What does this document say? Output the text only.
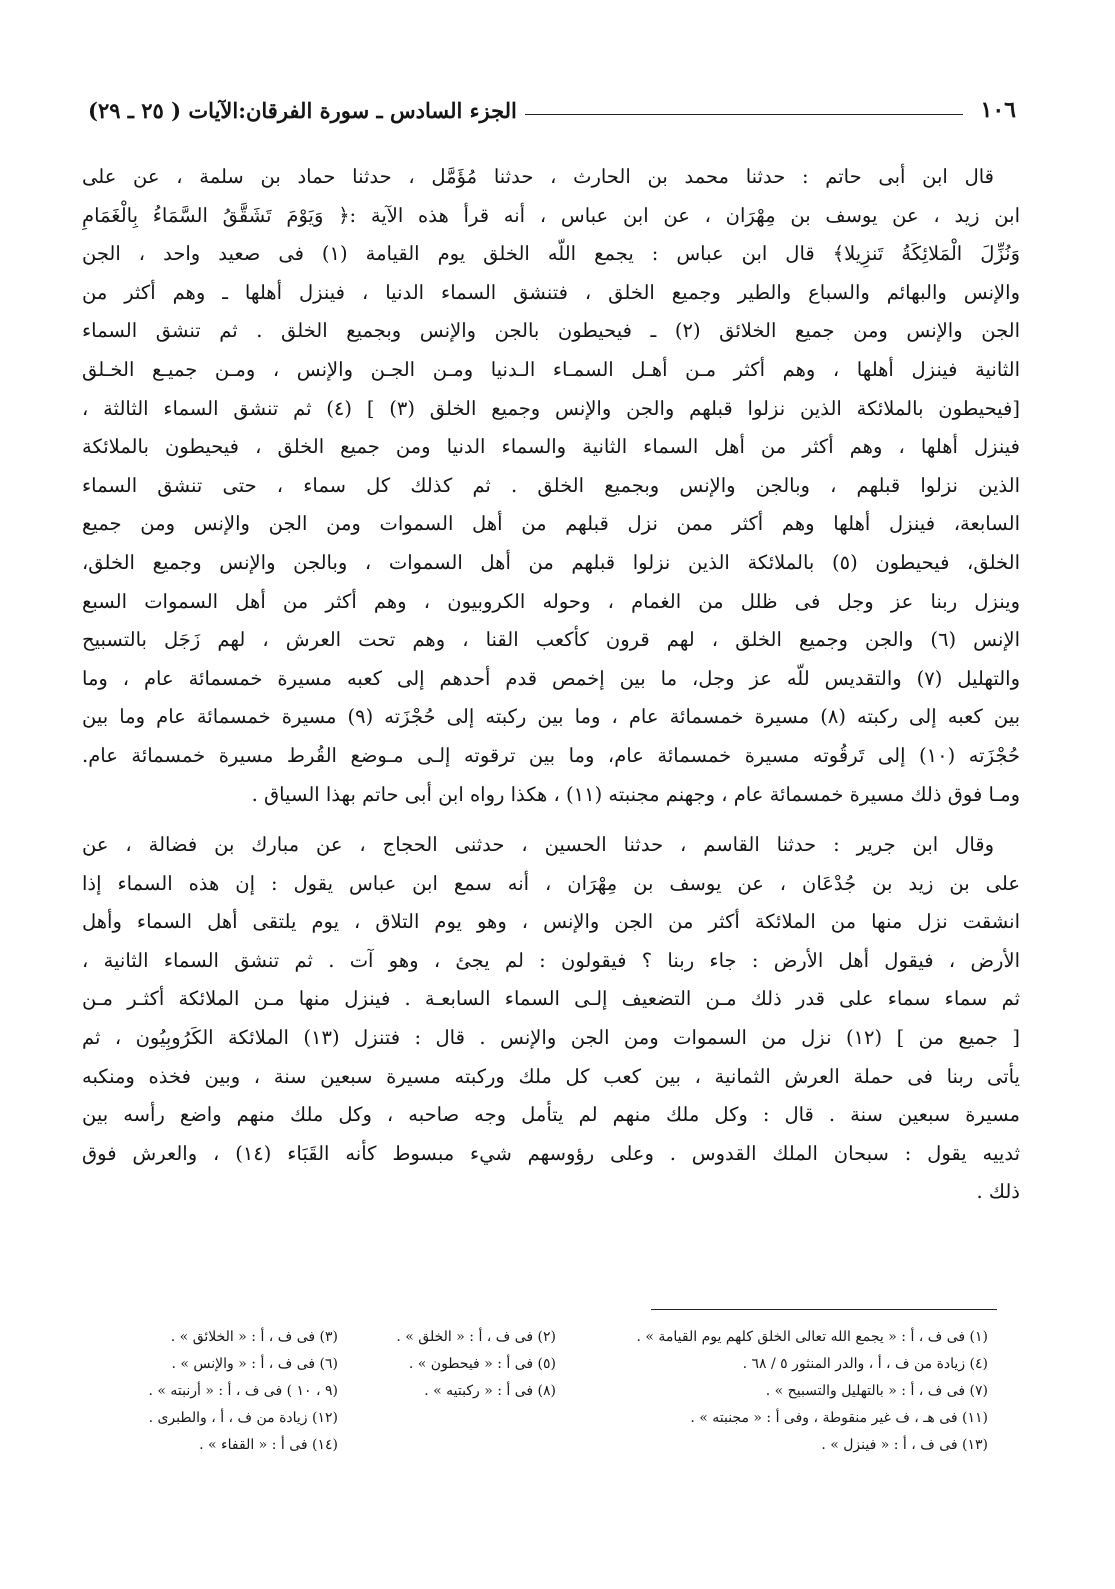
١٠٦
الجزء السادس ـ سورة الفرقان:الآيات ( ٢٥ ـ ٢٩)
قال ابن أبى حاتم : حدثنا محمد بن الحارث ، حدثنا مُؤَمَّل ، حدثنا حماد بن سلمة ، عن على
ابن زيد ، عن يوسف بن مِهْرَان ، عن ابن عباس ، أنه قرأ هذه الآية :﴿ وَيَوْمَ تَشَقَّقُ السَّمَاءُ بِالْغَمَامِ
وَنُزِّلَ الْمَلائِكَةُ تَنزِيلا﴾ قال ابن عباس : يجمع اللّه الخلق يوم القيامة (١) فى صعيد واحد ، الجن
والإنس والبهائم والسباع والطير وجميع الخلق ، فتنشق السماء الدنيا ، فينزل أهلها ـ وهم أكثر من
الجن والإنس ومن جميع الخلائق (٢) ـ فيحيطون بالجن والإنس وبجميع الخلق . ثم تنشق السماء
الثانية فينزل أهلها ، وهم أكثر مـن أهـل السمـاء الـدنيا ومـن الجـن والإنس ، ومـن جميـع الخـلق
[فيحيطون بالملائكة الذين نزلوا قبلهم والجن والإنس وجميع الخلق (٣) ] (٤) ثم تنشق السماء الثالثة ،
فينزل أهلها ، وهم أكثر من أهل السماء الثانية والسماء الدنيا ومن جميع الخلق ، فيحيطون بالملائكة
الذين نزلوا قبلهم ، وبالجن والإنس وبجميع الخلق . ثم كذلك كل سماء ، حتى تنشق السماء
السابعة، فينزل أهلها وهم أكثر ممن نزل قبلهم من أهل السموات ومن الجن والإنس ومن جميع
الخلق، فيحيطون (٥) بالملائكة الذين نزلوا قبلهم من أهل السموات ، وبالجن والإنس وجميع الخلق،
وينزل ربنا عز وجل فى ظلل من الغمام ، وحوله الكروبيون ، وهم أكثر من أهل السموات السبع
الإنس (٦) والجن وجميع الخلق ، لهم قرون كأكعب القنا ، وهم تحت العرش ، لهم زَجَل بالتسبيح
والتهليل (٧) والتقديس للّه عز وجل، ما بين إخمص قدم أحدهم إلى كعبه مسيرة خمسمائة عام ، وما
بين كعبه إلى ركبته (٨) مسيرة خمسمائة عام ، وما بين ركبته إلى حُجْزَته (٩) مسيرة خمسمائة عام وما بين
حُجْزَته (١٠) إلى تَرقُوته مسيرة خمسمائة عام، وما بين ترقوته إلـى مـوضع القُرط مسيرة خمسمائة عام.
ومـا فوق ذلك مسيرة خمسمائة عام ، وجهنم مجنبته (١١) ، هكذا رواه ابن أبى حاتم بهذا السياق .
وقال ابن جرير : حدثنا القاسم ، حدثنا الحسين ، حدثنى الحجاج ، عن مبارك بن فضالة ، عن
على بن زيد بن جُدْعَان ، عن يوسف بن مِهْرَان ، أنه سمع ابن عباس يقول : إن هذه السماء إذا
انشقت نزل منها من الملائكة أكثر من الجن والإنس ، وهو يوم التلاق ، يوم يلتقى أهل السماء وأهل
الأرض ، فيقول أهل الأرض : جاء ربنا ؟ فيقولون : لم يجئ ، وهو آت . ثم تنشق السماء الثانية ،
ثم سماء سماء على قدر ذلك مـن التضعيف إلـى السماء السابعـة . فينزل منها مـن الملائكة أكثـر مـن
[ جميع من ] (١٢) نزل من السموات ومن الجن والإنس . قال : فتنزل (١٣) الملائكة الكَرُوبِيُون ، ثم
يأتى ربنا فى حملة العرش الثمانية ، بين كعب كل ملك وركبته مسيرة سبعين سنة ، وبين فخذه ومنكبه
مسيرة سبعين سنة . قال : وكل ملك منهم لم يتأمل وجه صاحبه ، وكل ملك منهم واضع رأسه بين
ثدييه يقول : سبحان الملك القدوس . وعلى رؤوسهم شيء مبسوط كأنه القَبَاء (١٤) ، والعرش فوق
ذلك .
(١) فى ف ، أ : « يجمع الله تعالى الخلق كلهم يوم القيامة » .
(٢) فى ف ، أ : « الخلق » .
(٣) فى ف ، أ : « الخلائق » .
(٤) زيادة من ف ، أ ، والدر المنثور ٥ / ٦٨ .
(٥) فى أ : « فيحطون » .
(٦) فى ف ، أ : « والإنس » .
(٧) فى ف ، أ : « بالتهليل والتسبيح » .
(٨) فى أ : « ركبتيه » .
(٩ ، ١٠ ) فى ف ، أ : « أرنبته » .
(١١) فى هـ ، ف غير منقوطة ، وفى أ : « مجنبته » .
(١٢) زيادة من ف ، أ ، والطبرى .
(١٣) فى ف ، أ : « فينزل » .
(١٤) فى أ : « القفاء » .
